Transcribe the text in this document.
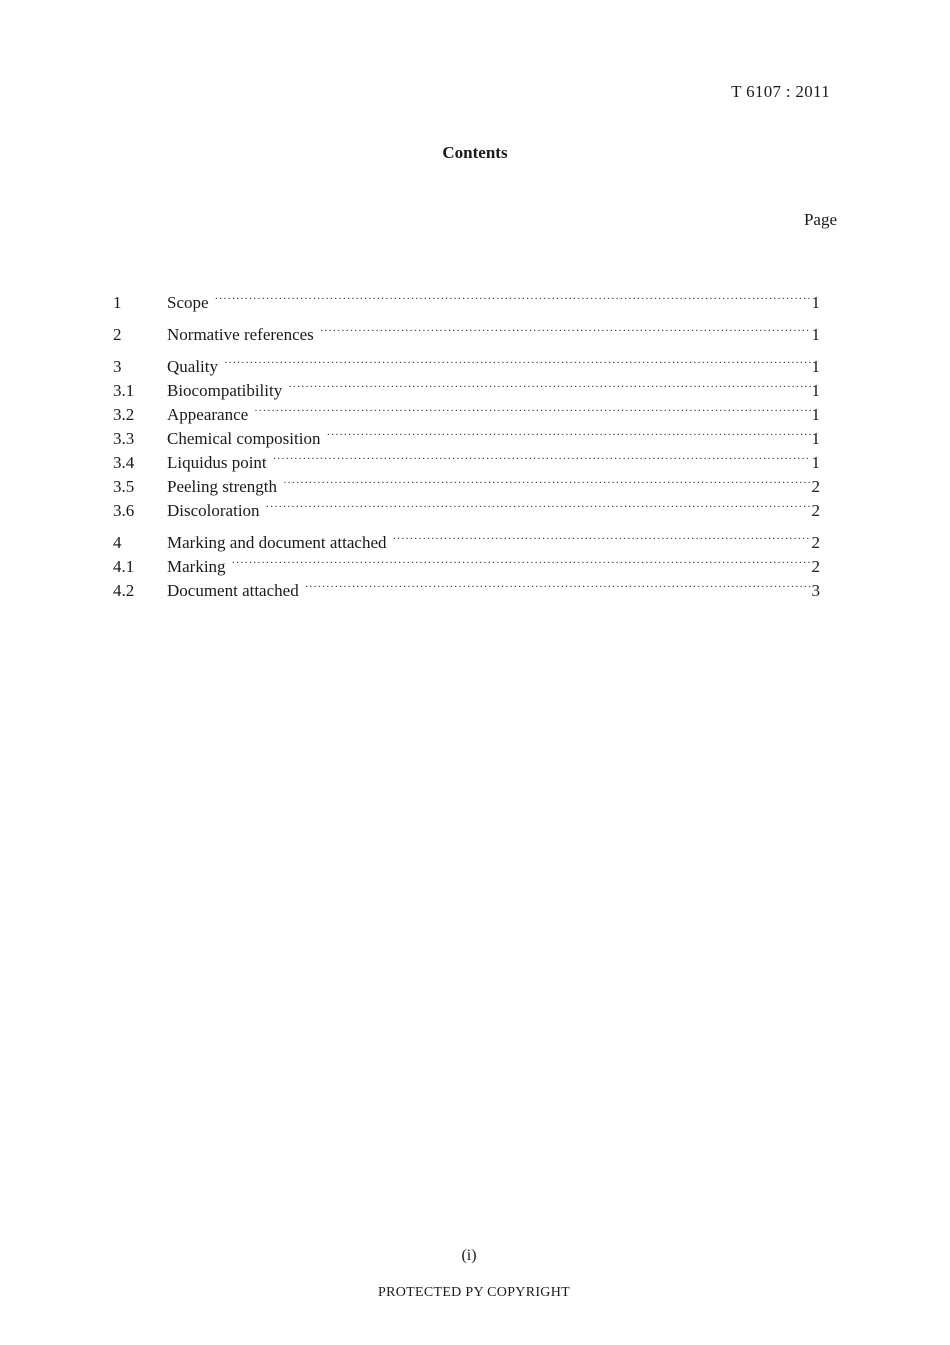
T 6107 : 2011
Contents
Page
1	Scope ·····	1
2	Normative references ·····	1
3	Quality ·····	1
3.1	Biocompatibility ·····	1
3.2	Appearance ·····	1
3.3	Chemical composition ·····	1
3.4	Liquidus point ·····	1
3.5	Peeling strength ·····	2
3.6	Discoloration ·····	2
4	Marking and document attached ·····	2
4.1	Marking ·····	2
4.2	Document attached ·····	3
(i)
PROTECTED PY COPYRIGHT
